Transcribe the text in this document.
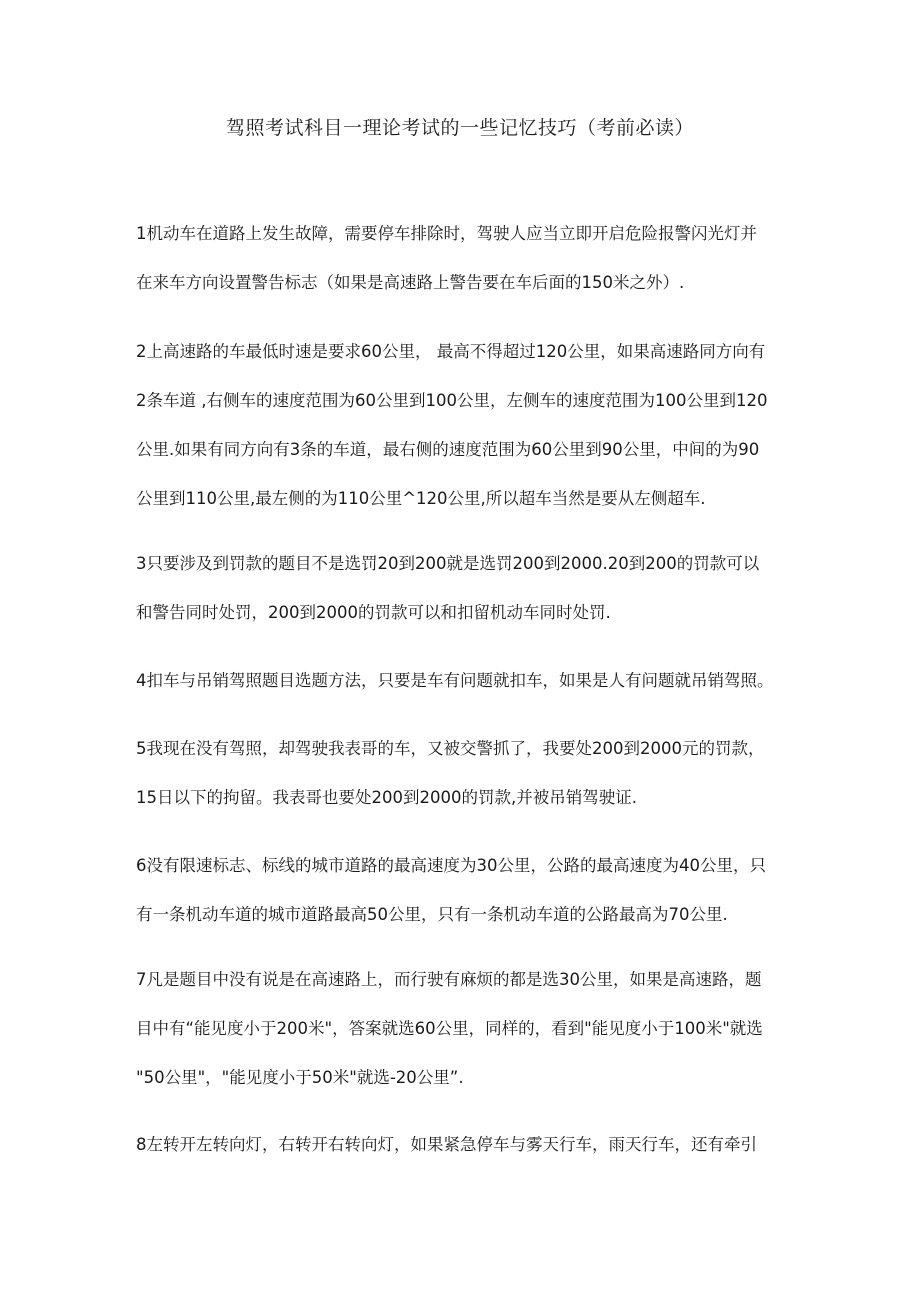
驾照考试科目一理论考试的一些记忆技巧（考前必读）
1机动车在道路上发生故障，需要停车排除时，驾驶人应当立即开启危险报警闪光灯并
在来车方向设置警告标志（如果是高速路上警告要在车后面的150米之外）.
2上高速路的车最低时速是要求60公里， 最高不得超过120公里，如果高速路同方向有
2条车道 ,右侧车的速度范围为60公里到100公里，左侧车的速度范围为100公里到120
公里.如果有同方向有3条的车道，最右侧的速度范围为60公里到90公里，中间的为90
公里到110公里,最左侧的为110公里^120公里,所以超车当然是要从左侧超车.
3只要涉及到罚款的题目不是选罚20到200就是选罚200到2000.20到200的罚款可以
和警告同时处罚，200到2000的罚款可以和扣留机动车同时处罚.
4扣车与吊销驾照题目选题方法，只要是车有问题就扣车，如果是人有问题就吊销驾照。
5我现在没有驾照，却驾驶我表哥的车，又被交警抓了，我要处200到2000元的罚款，
15日以下的拘留。我表哥也要处200到2000的罚款,并被吊销驾驶证.
6没有限速标志、标线的城市道路的最高速度为30公里，公路的最高速度为40公里，只
有一条机动车道的城市道路最高50公里，只有一条机动车道的公路最高为70公里.
7凡是题目中没有说是在高速路上，而行驶有麻烦的都是选30公里，如果是高速路，题
目中有“能见度小于200米"，答案就选60公里，同样的，看到"能见度小于100米"就选
"50公里"，"能见度小于50米"就选-20公里”.
8左转开左转向灯，右转开右转向灯，如果紧急停车与雾天行车，雨天行车，还有牵引
